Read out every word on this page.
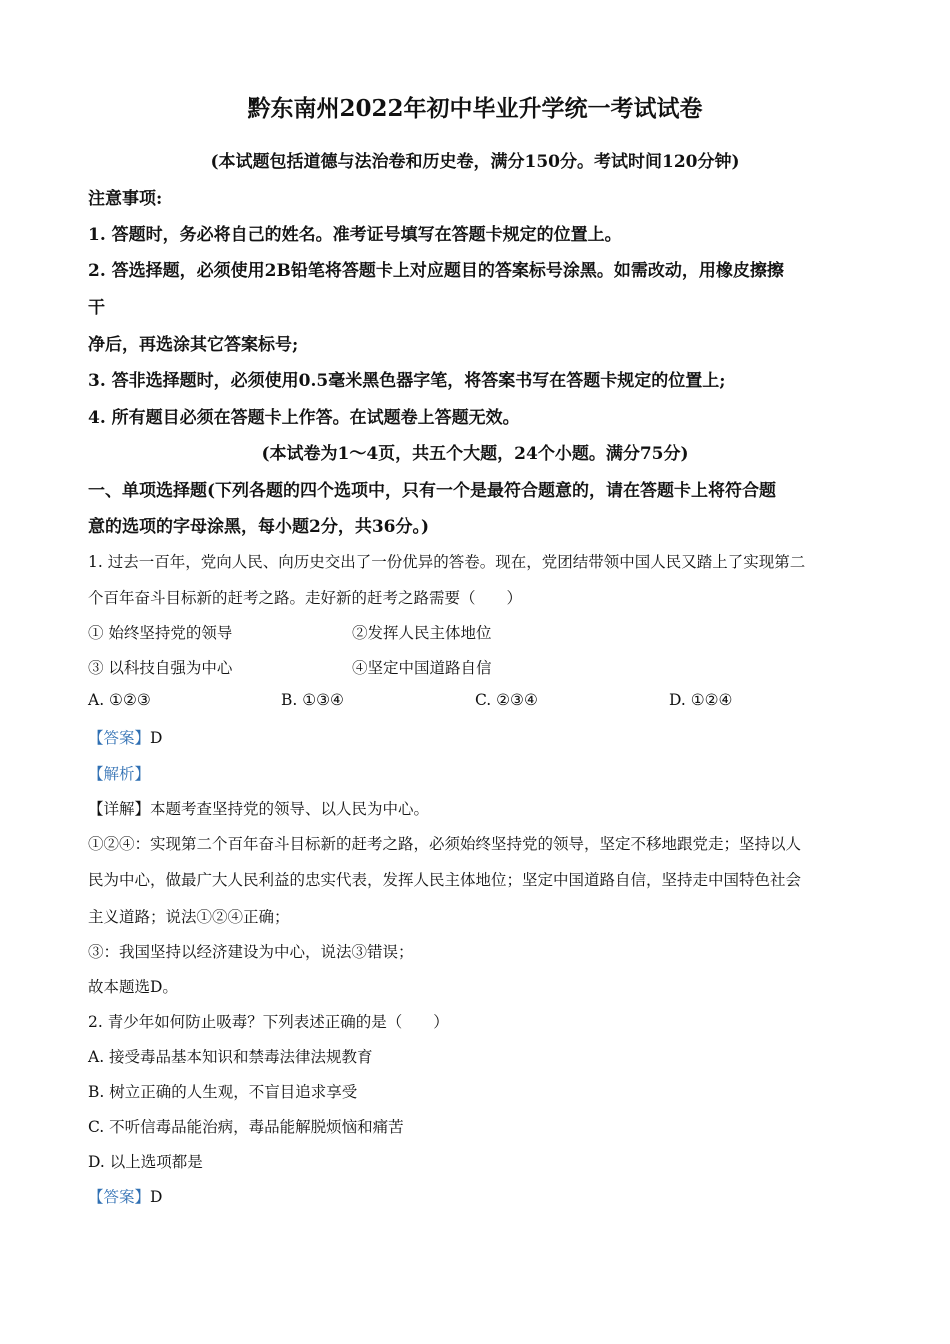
黔东南州2022年初中毕业升学统一考试试卷
(本试题包括道德与法治卷和历史卷，满分150分。考试时间120分钟)
注意事项:
1. 答题时，务必将自己的姓名。准考证号填写在答题卡规定的位置上。
2. 答选择题，必须使用2B铅笔将答题卡上对应题目的答案标号涂黑。如需改动，用橡皮擦擦
干
净后，再选涂其它答案标号;
3. 答非选择题时，必须使用0.5毫米黑色器字笔，将答案书写在答题卡规定的位置上;
4. 所有题目必须在答题卡上作答。在试题卷上答题无效。
(本试卷为1～4页，共五个大题，24个小题。满分75分)
一、单项选择题(下列各题的四个选项中，只有一个是最符合题意的，请在答题卡上将符合题
意的选项的字母涂黑，每小题2分，共36分。)
1. 过去一百年，党向人民、向历史交出了一份优异的答卷。现在，党团结带领中国人民又踏上了实现第二
个百年奋斗目标新的赶考之路。走好新的赶考之路需要（　　）
① 始终坚持党的领导	②发挥人民主体地位
③ 以科技自强为中心	④坚定中国道路自信
A. ①②③	B. ①③④	C. ②③④	D. ①②④
【答案】D
【解析】
【详解】本题考查坚持党的领导、以人民为中心。
①②④：实现第二个百年奋斗目标新的赶考之路，必须始终坚持党的领导，坚定不移地跟党走；坚持以人
民为中心，做最广大人民利益的忠实代表，发挥人民主体地位；坚定中国道路自信，坚持走中国特色社会
主义道路；说法①②④正确；
③：我国坚持以经济建设为中心，说法③错误；
故本题选D。
2. 青少年如何防止吸毒？下列表述正确的是（　　）
A. 接受毒品基本知识和禁毒法律法规教育
B. 树立正确的人生观，不盲目追求享受
C. 不听信毒品能治病，毒品能解脱烦恼和痛苦
D. 以上选项都是
【答案】D
